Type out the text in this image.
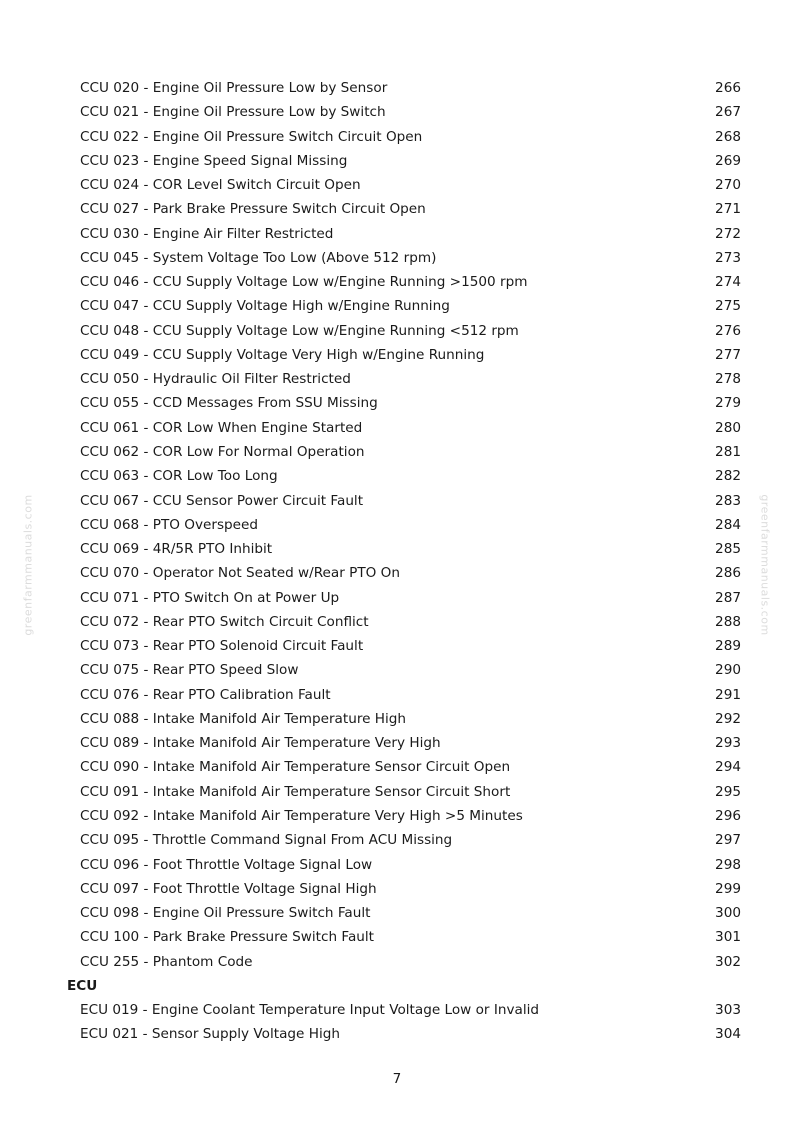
CCU 020 - Engine Oil Pressure Low by Sensor	266
CCU 021 - Engine Oil Pressure Low by Switch	267
CCU 022 - Engine Oil Pressure Switch Circuit Open	268
CCU 023 - Engine Speed Signal Missing	269
CCU 024 - COR Level Switch Circuit Open	270
CCU 027 - Park Brake Pressure Switch Circuit Open	271
CCU 030 - Engine Air Filter Restricted	272
CCU 045 - System Voltage Too Low (Above 512 rpm)	273
CCU 046 - CCU Supply Voltage Low w/Engine Running >1500 rpm	274
CCU 047 - CCU Supply Voltage High w/Engine Running	275
CCU 048 - CCU Supply Voltage Low w/Engine Running <512 rpm	276
CCU 049 - CCU Supply Voltage Very High w/Engine Running	277
CCU 050 - Hydraulic Oil Filter Restricted	278
CCU 055 - CCD Messages From SSU Missing	279
CCU 061 - COR Low When Engine Started	280
CCU 062 - COR Low For Normal Operation	281
CCU 063 - COR Low Too Long	282
CCU 067 - CCU Sensor Power Circuit Fault	283
CCU 068 - PTO Overspeed	284
CCU 069 - 4R/5R PTO Inhibit	285
CCU 070 - Operator Not Seated w/Rear PTO On	286
CCU 071 - PTO Switch On at Power Up	287
CCU 072 - Rear PTO Switch Circuit Conflict	288
CCU 073 - Rear PTO Solenoid Circuit Fault	289
CCU 075 - Rear PTO Speed Slow	290
CCU 076 - Rear PTO Calibration Fault	291
CCU 088 - Intake Manifold Air Temperature High	292
CCU 089 - Intake Manifold Air Temperature Very High	293
CCU 090 - Intake Manifold Air Temperature Sensor Circuit Open	294
CCU 091 - Intake Manifold Air Temperature Sensor Circuit Short	295
CCU 092 - Intake Manifold Air Temperature Very High >5 Minutes	296
CCU 095 - Throttle Command Signal From ACU Missing	297
CCU 096 - Foot Throttle Voltage Signal Low	298
CCU 097 - Foot Throttle Voltage Signal High	299
CCU 098 - Engine Oil Pressure Switch Fault	300
CCU 100 - Park Brake Pressure Switch Fault	301
CCU 255 - Phantom Code	302
ECU
ECU 019 - Engine Coolant Temperature Input Voltage Low or Invalid	303
ECU 021 - Sensor Supply Voltage High	304
7
greenfarmmanuals.com	greenfarmmanuals.com
